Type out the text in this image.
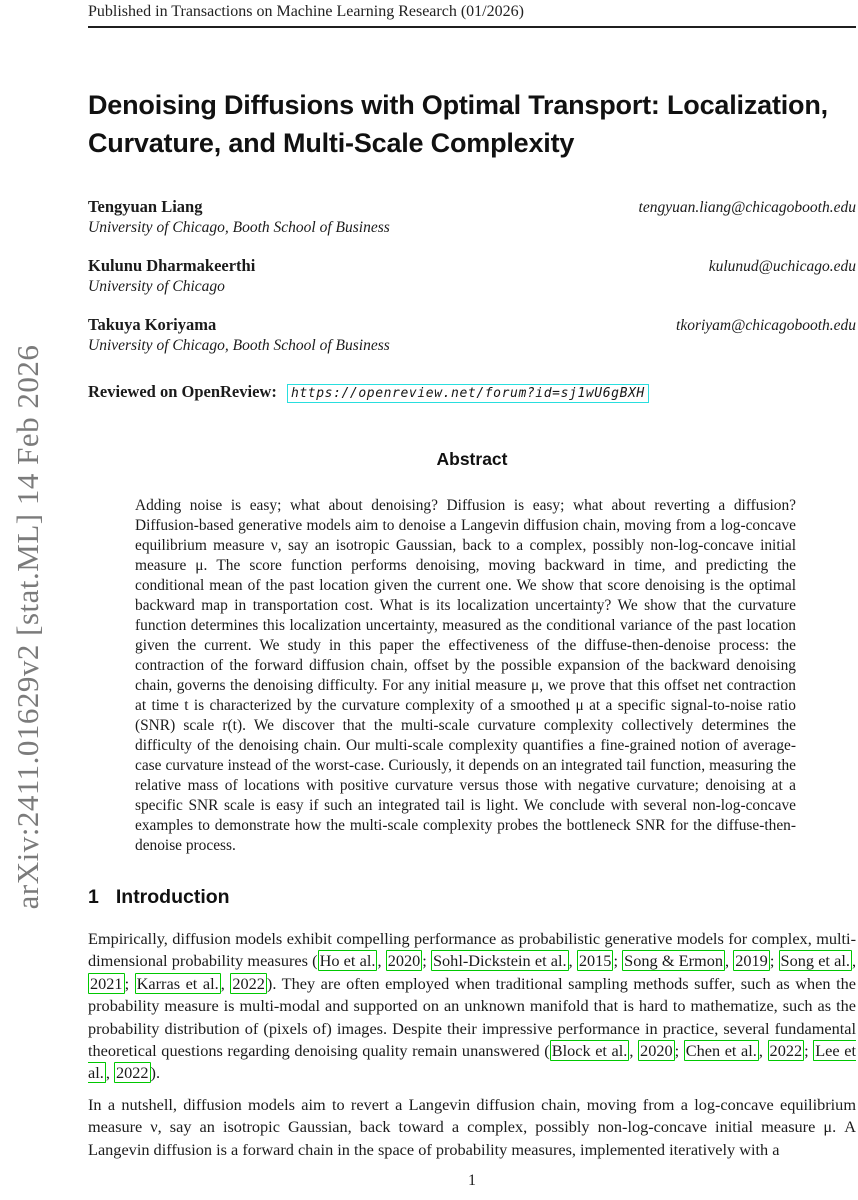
arXiv:2411.01629v2 [stat.ML] 14 Feb 2026
Published in Transactions on Machine Learning Research (01/2026)
Denoising Diffusions with Optimal Transport: Localization,
Curvature, and Multi-Scale Complexity
Tengyuan Liang	tengyuan.liang@chicagobooth.edu
University of Chicago, Booth School of Business
Kulunu Dharmakeerthi	kulunud@uchicago.edu
University of Chicago
Takuya Koriyama	tkoriyam@chicagobooth.edu
University of Chicago, Booth School of Business
Reviewed on OpenReview: https://openreview.net/forum?id=sj1wU6gBXH
Abstract
Adding noise is easy; what about denoising? Diffusion is easy; what about reverting a diffusion? Diffusion-based generative models aim to denoise a Langevin diffusion chain, moving from a log-concave equilibrium measure ν, say an isotropic Gaussian, back to a complex, possibly non-log-concave initial measure μ. The score function performs denoising, moving backward in time, and predicting the conditional mean of the past location given the current one. We show that score denoising is the optimal backward map in transportation cost. What is its localization uncertainty? We show that the curvature function determines this localization uncertainty, measured as the conditional variance of the past location given the current. We study in this paper the effectiveness of the diffuse-then-denoise process: the contraction of the forward diffusion chain, offset by the possible expansion of the backward denoising chain, governs the denoising difficulty. For any initial measure μ, we prove that this offset net contraction at time t is characterized by the curvature complexity of a smoothed μ at a specific signal-to-noise ratio (SNR) scale r(t). We discover that the multi-scale curvature complexity collectively determines the difficulty of the denoising chain. Our multi-scale complexity quantifies a fine-grained notion of average-case curvature instead of the worst-case. Curiously, it depends on an integrated tail function, measuring the relative mass of locations with positive curvature versus those with negative curvature; denoising at a specific SNR scale is easy if such an integrated tail is light. We conclude with several non-log-concave examples to demonstrate how the multi-scale complexity probes the bottleneck SNR for the diffuse-then-denoise process.
1 Introduction
Empirically, diffusion models exhibit compelling performance as probabilistic generative models for complex, multi-dimensional probability measures ( Ho et al. , 2020 ; Sohl-Dickstein et al. , 2015 ; Song & Ermon , 2019 ; Song et al. , 2021 ; Karras et al. , 2022 ). They are often employed when traditional sampling methods suffer, such as when the probability measure is multi-modal and supported on an unknown manifold that is hard to mathematize, such as the probability distribution of (pixels of) images. Despite their impressive performance in practice, several fundamental theoretical questions regarding denoising quality remain unanswered ( Block et al. , 2020 ; Chen et al. , 2022 ; Lee et al. , 2022 ).
In a nutshell, diffusion models aim to revert a Langevin diffusion chain, moving from a log-concave equilibrium measure ν, say an isotropic Gaussian, back toward a complex, possibly non-log-concave initial measure μ. A Langevin diffusion is a forward chain in the space of probability measures, implemented iteratively with a
1
